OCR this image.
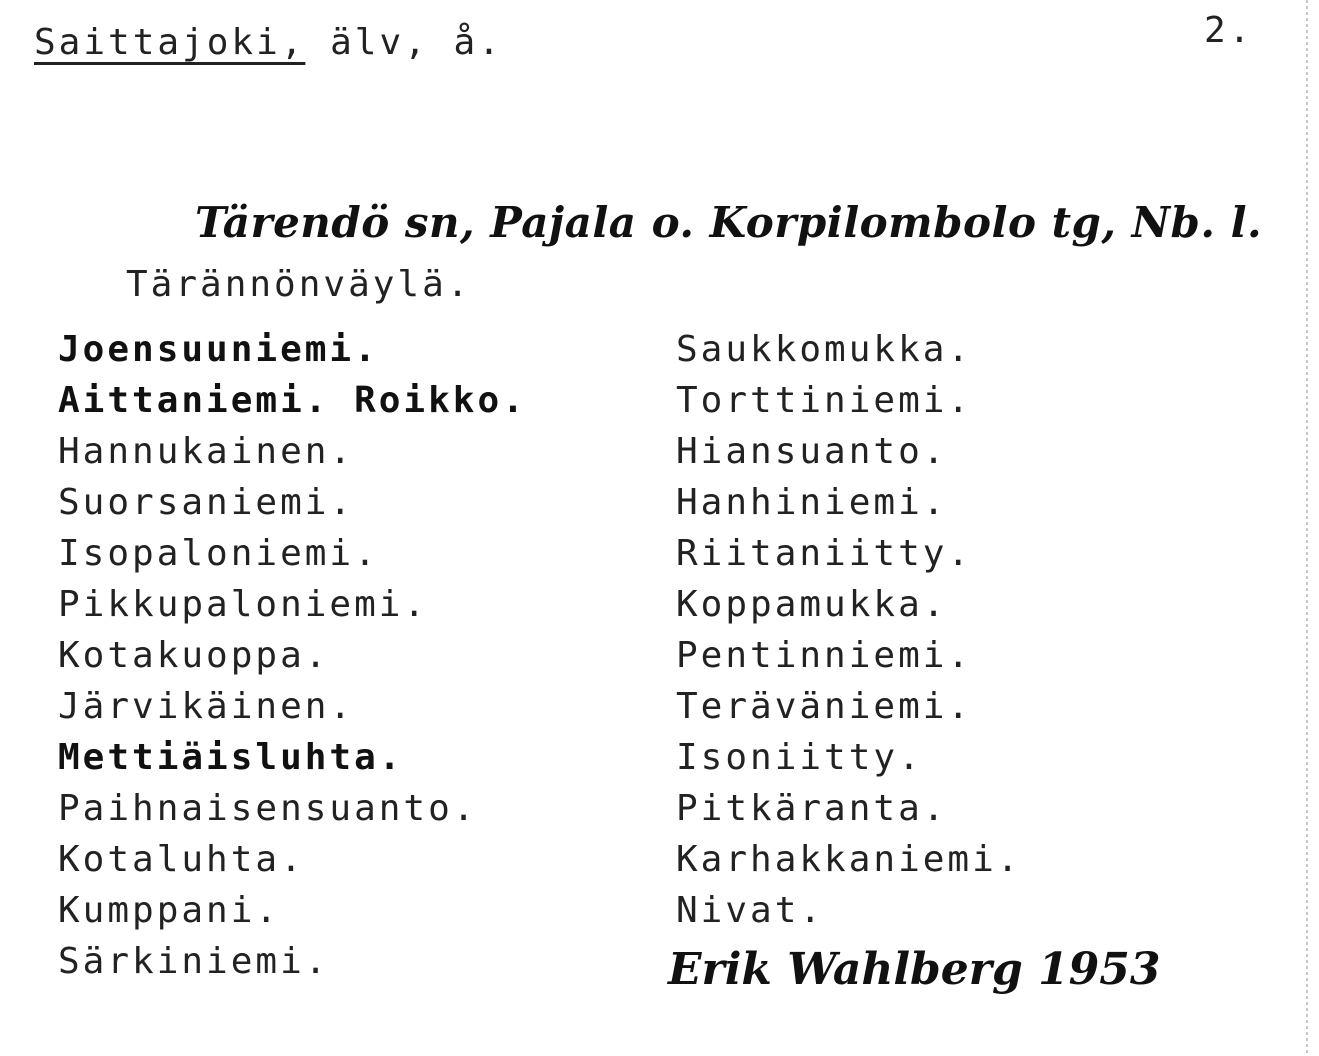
Saittajoki, älv, å.	2.
Tärendö sn, Pajala o. Korpilombolo tg, Nb. l.
Tärännönväylä.
Joensuuniemi.
Aittaniemi. Roikko.
Hannukainen.
Suorsaniemi.
Isopaloniemi.
Pikkupaloniemi.
Kotakuoppa.
Järvikäinen.
Mettiäisluhta.
Paihnaisensuanto.
Kotaluhta.
Kumppani.
Särkiniemi.
Saukkomukka.
Torttiniemi.
Hiansuanto.
Hanhiniemi.
Riitaniitty.
Koppamukka.
Pentinniemi.
Teräväniemi.
Isoniitty.
Pitkäranta.
Karhakkaniemi.
Nivat.
Erik Wahlberg 1953
